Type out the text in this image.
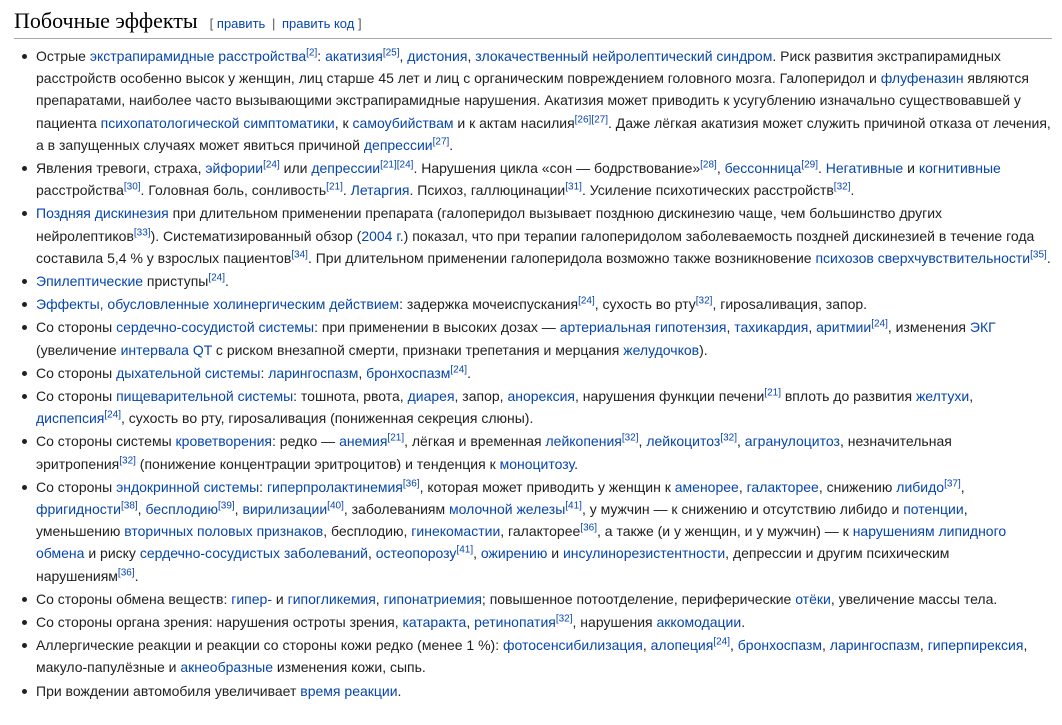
Побочные эффекты [ править | править код ]
Острые экстрапирамидные расстройства[2]: акатизия[25], дистония, злокачественный нейролептический синдром. Риск развития экстрапирамидных расстройств особенно высок у женщин, лиц старше 45 лет и лиц с органическим повреждением головного мозга. Галоперидол и флуфеназин являются препаратами, наиболее часто вызывающими экстрапирамидные нарушения. Акатизия может приводить к усугублению изначально существовавшей у пациента психопатологической симптоматики, к самоубийствам и к актам насилия[26][27]. Даже лёгкая акатизия может служить причиной отказа от лечения, а в запущенных случаях может явиться причиной депрессии[27].
Явления тревоги, страха, эйфории[24] или депрессии[21][24]. Нарушения цикла «сон — бодрствование»[28], бессонница[29]. Негативные и когнитивные расстройства[30]. Головная боль, сонливость[21]. Летаргия. Психоз, галлюцинации[31]. Усиление психотических расстройств[32].
Поздняя дискинезия при длительном применении препарата (галоперидол вызывает позднюю дискинезию чаще, чем большинство других нейролептиков[33]). Систематизированный обзор (2004 г.) показал, что при терапии галоперидолом заболеваемость поздней дискинезией в течение года составила 5,4 % у взрослых пациентов[34]. При длительном применении галоперидола возможно также возникновение психозов сверхчувствительности[35].
Эпилептические приступы[24].
Эффекты, обусловленные холинергическим действием: задержка мочеиспускания[24], сухость во рту[32], гиposаливация, запор.
Со стороны сердечно-сосудистой системы: при применении в высоких дозах — артериальная гипотензия, тахикардия, аритмии[24], изменения ЭКГ (увеличение интервала QT с риском внезапной смерти, признаки трепетания и мерцания желудочков).
Со стороны дыхательной системы: ларингоспазм, бронхоспазм[24].
Со стороны пищеварительной системы: тошнота, рвота, диарея, запор, анорексия, нарушения функции печени[21] вплоть до развития желтухи, диспепсия[24], сухость во рту, гиposаливация (пониженная секреция слюны).
Со стороны системы кроветворения: редко — анемия[21], лёгкая и временная лейкопения[32], лейкоцитоз[32], агранулоцитоз, незначительная эритропения[32] (понижение концентрации эритроцитов) и тенденция к моноцитозу.
Со стороны эндокринной системы: гиперпролактинемия[36], которая может приводить у женщин к аменорее, галакторее, снижению либидо[37], фригидности[38], бесплодию[39], вирилизации[40], заболеваниям молочной железы[41], у мужчин — к снижению и отсутствию либидо и потенции, уменьшению вторичных половых признаков, бесплодию, гинекомастии, галакторее[36], а также (и у женщин, и у мужчин) — к нарушениям липидного обмена и риску сердечно-сосудистых заболеваний, остеопорозу[41], ожирению и инсулинорезистентности, депрессии и другим психическим нарушениям[36].
Со стороны обмена веществ: гипер- и гипогликемия, гипонатриемия; повышенное потоотделение, периферические отёки, увеличение массы тела.
Со стороны органа зрения: нарушения остроты зрения, катаракта, ретинопатия[32], нарушения аккомодации.
Аллергические реакции и реакции со стороны кожи редко (менее 1 %): фотосенсибилизация, алопеция[24], бронхоспазм, ларингоспазм, гиперпирексия, макуло-папулёзные и акнеобразные изменения кожи, сыпь.
При вождении автомобиля увеличивает время реакции.
